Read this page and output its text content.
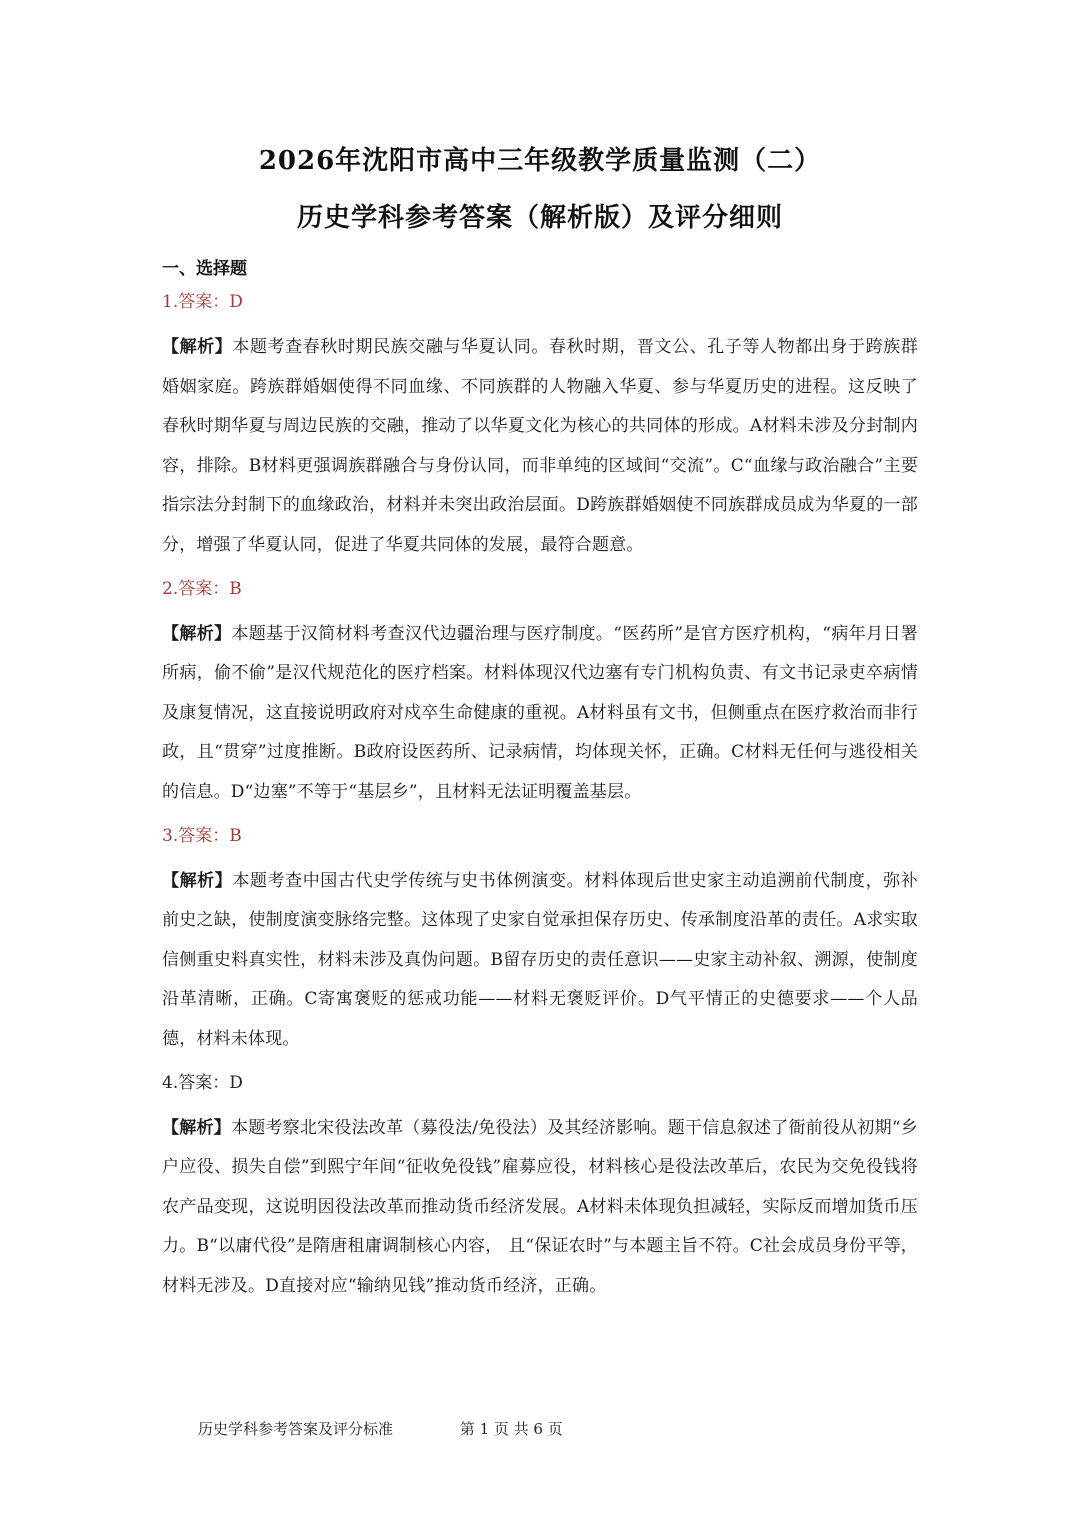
2026年沈阳市高中三年级教学质量监测（二）
历史学科参考答案（解析版）及评分细则
一、选择题
1.答案：D
【解析】本题考查春秋时期民族交融与华夏认同。春秋时期，晋文公、孔子等人物都出身于跨族群婚姻家庭。跨族群婚姻使得不同血缘、不同族群的人物融入华夏、参与华夏历史的进程。这反映了春秋时期华夏与周边民族的交融，推动了以华夏文化为核心的共同体的形成。A材料未涉及分封制内容，排除。B材料更强调族群融合与身份认同，而非单纯的区域间“交流”。C“血缘与政治融合”主要指宗法分封制下的血缘政治，材料并未突出政治层面。D跨族群婚姻使不同族群成员成为华夏的一部分，增强了华夏认同，促进了华夏共同体的发展，最符合题意。
2.答案：B
【解析】本题基于汉简材料考查汉代边疆治理与医疗制度。“医药所”是官方医疗机构，“病年月日署所病，偷不偷”是汉代规范化的医疗档案。材料体现汉代边塞有专门机构负责、有文书记录吏卒病情及康复情况，这直接说明政府对戍卒生命健康的重视。A材料虽有文书，但侧重点在医疗救治而非行政，且“贯穿”过度推断。B政府设医药所、记录病情，均体现关怀，正确。C材料无任何与逃役相关的信息。D“边塞”不等于“基层乡”，且材料无法证明覆盖基层。
3.答案：B
【解析】本题考查中国古代史学传统与史书体例演变。材料体现后世史家主动追溯前代制度，弥补前史之缺，使制度演变脉络完整。这体现了史家自觉承担保存历史、传承制度沿革的责任。A求实取信侧重史料真实性，材料未涉及真伪问题。B留存历史的责任意识——史家主动补叙、溯源，使制度沿革清晰，正确。C寄寓褒贬的惩戒功能——材料无褒贬评价。D气平情正的史德要求——个人品德，材料未体现。
4.答案：D
【解析】本题考察北宋役法改革（募役法/免役法）及其经济影响。题干信息叙述了衙前役从初期“乡户应役、损失自偿”到熙宁年间“征收免役钱”雇募应役，材料核心是役法改革后，农民为交免役钱将农产品变现，这说明因役法改革而推动货币经济发展。A材料未体现负担减轻，实际反而增加货币压力。B“以庸代役”是隋唐租庸调制核心内容， 且“保证农时”与本题主旨不符。C社会成员身份平等，材料无涉及。D直接对应“输纳见钱”推动货币经济，正确。
历史学科参考答案及评分标准	第 1 页 共 6 页
